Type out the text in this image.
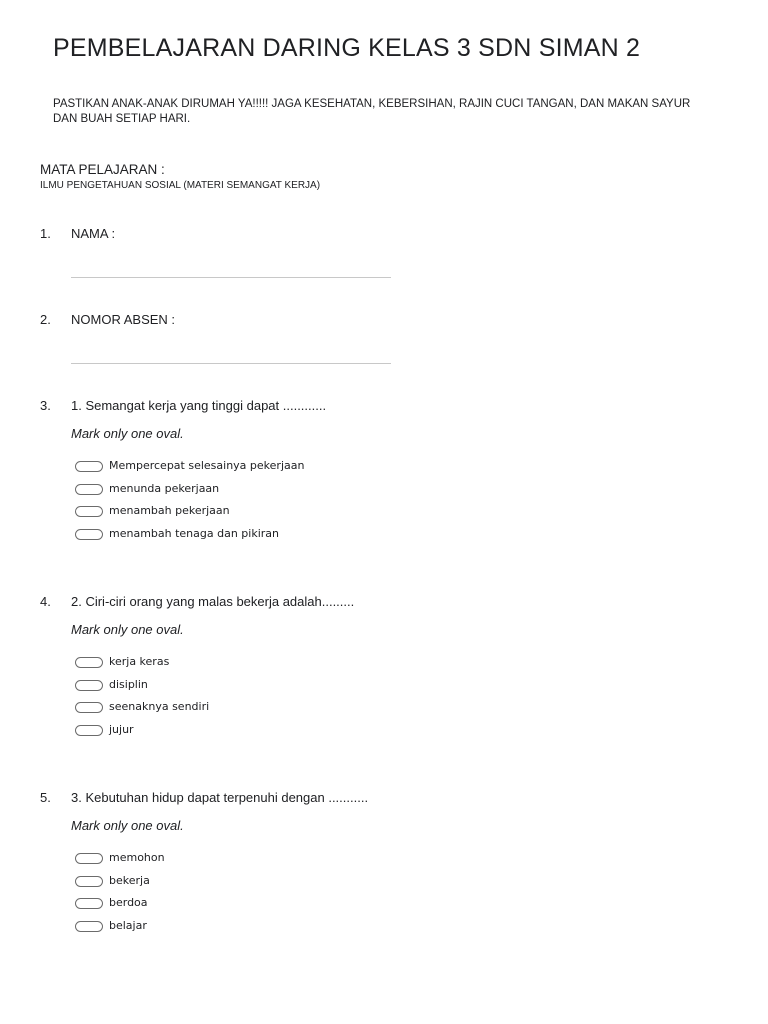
PEMBELAJARAN DARING KELAS 3 SDN SIMAN 2

PASTIKAN ANAK-ANAK DIRUMAH YA!!!!! JAGA KESEHATAN, KEBERSIHAN, RAJIN CUCI TANGAN, DAN MAKAN SAYUR DAN BUAH SETIAP HARI.

MATA PELAJARAN :

ILMU PENGETAHUAN SOSIAL (MATERI SEMANGAT KERJA)

1. NAMA :
2. NOMOR ABSEN :
3. 1. Semangat kerja yang tinggi dapat ............
Mark only one oval.
Mempercepat selesainya pekerjaan
menunda pekerjaan
menambah pekerjaan
menambah tenaga dan pikiran
4. 2. Ciri-ciri orang yang malas bekerja adalah.........
Mark only one oval.
kerja keras
disiplin
seenaknya sendiri
jujur
5. 3. Kebutuhan hidup dapat terpenuhi dengan ...........
Mark only one oval.
memohon
bekerja
berdoa
belajar
